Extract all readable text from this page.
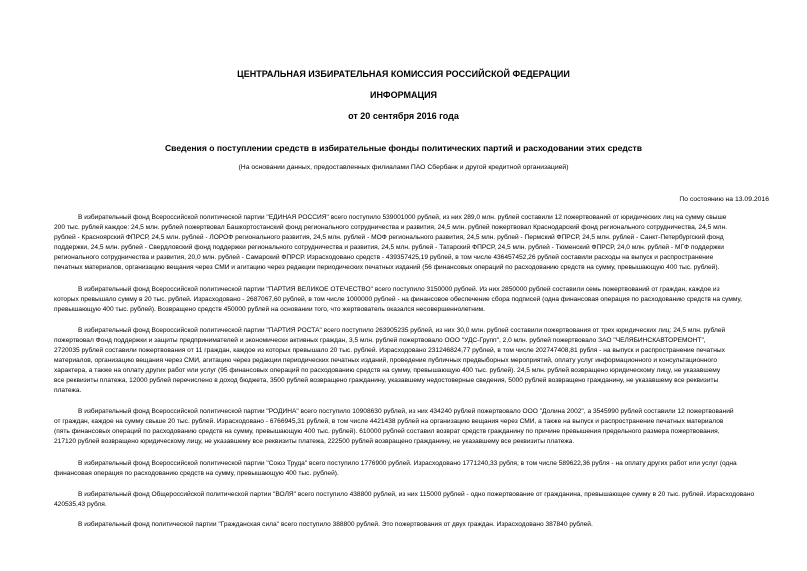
ЦЕНТРАЛЬНАЯ ИЗБИРАТЕЛЬНАЯ КОМИССИЯ РОССИЙСКОЙ ФЕДЕРАЦИИ
ИНФОРМАЦИЯ
от 20 сентября 2016 года
Сведения о поступлении средств в избирательные фонды политических партий и расходовании этих средств
(На основании данных, предоставленных филиалами ПАО Сбербанк и другой кредитной организацией)
По состоянию на 13.09.2016
В избирательный фонд Всероссийской политической партии "ЕДИНАЯ РОССИЯ" всего поступило 539001000 рублей, из них 289,0 млн. рублей составили 12 пожертвований от юридических лиц на сумму свыше
200 тыс. рублей каждое: 24,5 млн. рублей пожертвовал Башкортостанский фонд регионального сотрудничества и развития, 24,5 млн. рублей пожертвовал Краснодарский фонд регионального сотрудничества, 24,5 млн.
рублей - Красноярский ФПРСР, 24,5 млн. рублей - ЛОРОФ регионального развития, 24,5 млн. рублей - МОФ регионального развития, 24,5 млн. рублей - Пермский ФПРСР, 24,5 млн. рублей - Санкт-Петербургский фонд
поддержки, 24,5 млн. рублей - Свердловский фонд поддержки регионального сотрудничества и развития, 24,5 млн. рублей - Татарский ФПРСР, 24,5 млн. рублей - Тюменский ФПРСР, 24,0 млн. рублей - МГФ поддержки
регионального сотрудничества и развития, 20,0 млн. рублей - Самарский ФПРСР. Израсходовано средств - 439357425,19 рублей, в том числе 436457452,26 рублей составили расходы на выпуск и распространение
печатных материалов, организацию вещания через СМИ и агитацию через редакции периодических печатных изданий (56 финансовых операций по расходованию средств на сумму, превышающую 400 тыс. рублей).
В избирательный фонд Всероссийской политической партии "ПАРТИЯ ВЕЛИКОЕ ОТЕЧЕСТВО" всего поступило 3150000 рублей. Из них 2850000 рублей составили семь пожертвований от граждан, каждое из
которых превышало сумму в 20 тыс. рублей. Израсходовано - 2687067,60 рублей, в том числе 1000000 рублей - на финансовое обеспечение сбора подписей (одна финансовая операция по расходованию средств на сумму,
превышающую 400 тыс. рублей). Возвращено средств 450000 рублей на основании того, что жертвователь оказался несовершеннолетним.
В избирательный фонд Всероссийской политической партии "ПАРТИЯ РОСТА" всего поступило 263905235 рублей, из них 30,0 млн. рублей составили пожертвования от трех юридических лиц: 24,5 млн. рублей
пожертвовал Фонд поддержки и защиты предпринимателей и экономически активных граждан, 3,5 млн. рублей пожертвовало ООО "УДС-Групп", 2,0 млн. рублей пожертвовало ЗАО "ЧЕЛЯБИНСКАВТОРЕМОНТ",
2720035 рублей составили пожертвования от 11 граждан, каждое из которых превышало 20 тыс. рублей. Израсходовано 231246824,77 рублей, в том числе 202747408,81 рубля - на выпуск и распространение печатных
материалов, организацию вещания через СМИ, агитацию через редакции периодических печатных изданий, проведение публичных предвыборных мероприятий, оплату услуг информационного и консультационного
характера, а также на оплату других работ или услуг (95 финансовых операций по расходованию средств на сумму, превышающую 400 тыс. рублей). 24,5 млн. рублей возвращено юридическому лицу, не указавшему
все реквизиты платежа, 12000 рублей перечислено в доход бюджета, 3500 рублей возвращено гражданину, указавшему недостоверные сведения, 5000 рублей возвращено гражданину, не указавшему все реквизиты
платежа.
В избирательный фонд Всероссийской политической партии "РОДИНА" всего поступило 10908630 рублей, из них 434240 рублей пожертвовало ООО "Долина 2002", а 3545990 рублей составили 12 пожертвований
от граждан, каждое на сумму свыше 20 тыс. рублей. Израсходовано - 6766945,31 рублей, в том числе 4421438 рублей на организацию вещания через СМИ, а также на выпуск и распространение печатных материалов
(пять финансовых операций по расходованию средств на сумму, превышающую 400 тыс. рублей). 610000 рублей составил возврат средств гражданину по причине превышения предельного размера пожертвования,
217120 рублей возвращено юридическому лицу, не указавшему все реквизиты платежа, 222500 рублей возвращено гражданину, не указавшему все реквизиты платежа.
В избирательный фонд Всероссийской политической партии "Союз Труда" всего поступило 1776900 рублей. Израсходовано 1771240,33 рубля, в том числе 589622,36 рубля - на оплату других работ или услуг (одна
финансовая операция по расходованию средств на сумму, превышающую 400 тыс. рублей).
В избирательный фонд Общероссийской политической партии "ВОЛЯ" всего поступило 438800 рублей, из них 115000 рублей - одно пожертвование от гражданина, превышающее сумму в 20 тыс. рублей. Израсходовано
420535,43 рубля.
В избирательный фонд политической партии "Гражданская сила" всего поступило 388800 рублей. Это пожертвования от двух граждан. Израсходовано 387840 рублей.
